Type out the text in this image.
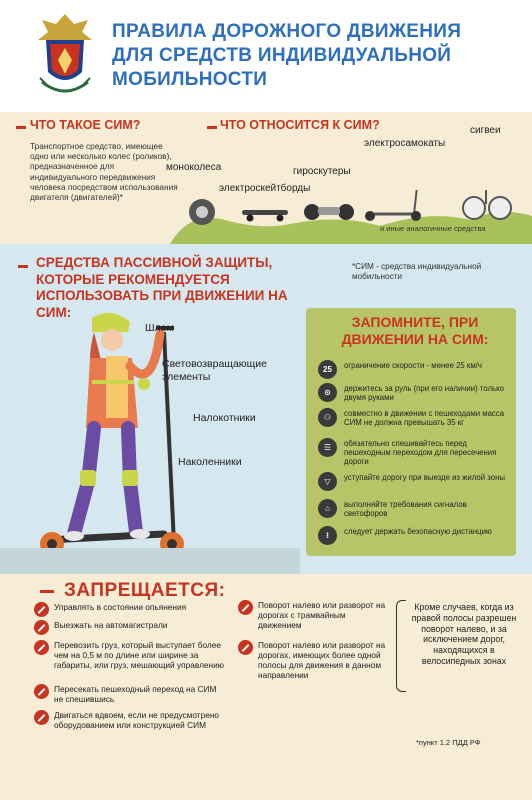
ПРАВИЛА ДОРОЖНОГО ДВИЖЕНИЯ
ДЛЯ СРЕДСТВ ИНДИВИДУАЛЬНОЙ
МОБИЛЬНОСТИ
ЧТО ТАКОЕ СИМ?	ЧТО ОТНОСИТСЯ К СИМ?
Транспортное средство, имеющее одно или несколько колес (роликов), предназначенное для индивидуального передвижения человека посредством использования двигателя (двигателей)*
моноколеса
электроскейтборды
гироскутеры
электросамокаты
сигвеи
и иные аналогичные средства
СРЕДСТВА ПАССИВНОЙ ЗАЩИТЫ, КОТОРЫЕ РЕКОМЕНДУЕТСЯ ИСПОЛЬЗОВАТЬ ПРИ ДВИЖЕНИИ НА СИМ:
*СИМ - средства индивидуальной мобильности
Шлем
Световозвращающие
элементы
Налокотники
Наколенники
ЗАПОМНИТЕ, ПРИ ДВИЖЕНИИ НА СИМ:
25	ограничение скорости - менее 25 км/ч
⊙	держитесь за руль (при его наличии) только двумя руками
⚇	совместно в движении с пешеходами масса СИМ не должна превышать 35 кг
☰	обязательно спешивайтесь перед пешеходным переходом для пересечения дороги
▽	уступайте дорогу при выезде из жилой зоны
⌂	выполняйте требования сигналов светофоров
⁝	следует держать безопасную дистанцию
ЗАПРЕЩАЕТСЯ:
Управлять в состоянии опьянения
Выезжать на автомагистрали
Перевозить груз, который выступает более чем на 0,5 м по длине или ширине за габариты, или груз, мешающий управлению
Пересекать пешеходный переход на СИМ не спешившись
Двигаться вдвоем, если не предусмотрено оборудованием или конструкцией СИМ
Поворот налево или разворот на дорогах с трамвайным движением
Поворот налево или разворот на дорогах, имеющих более одной полосы для движения в данном направлении
Кроме случаев, когда из правой полосы разрешен поворот налево, и за исключением дорог, находящихся в велосипедных зонах
*пункт 1.2 ПДД РФ
